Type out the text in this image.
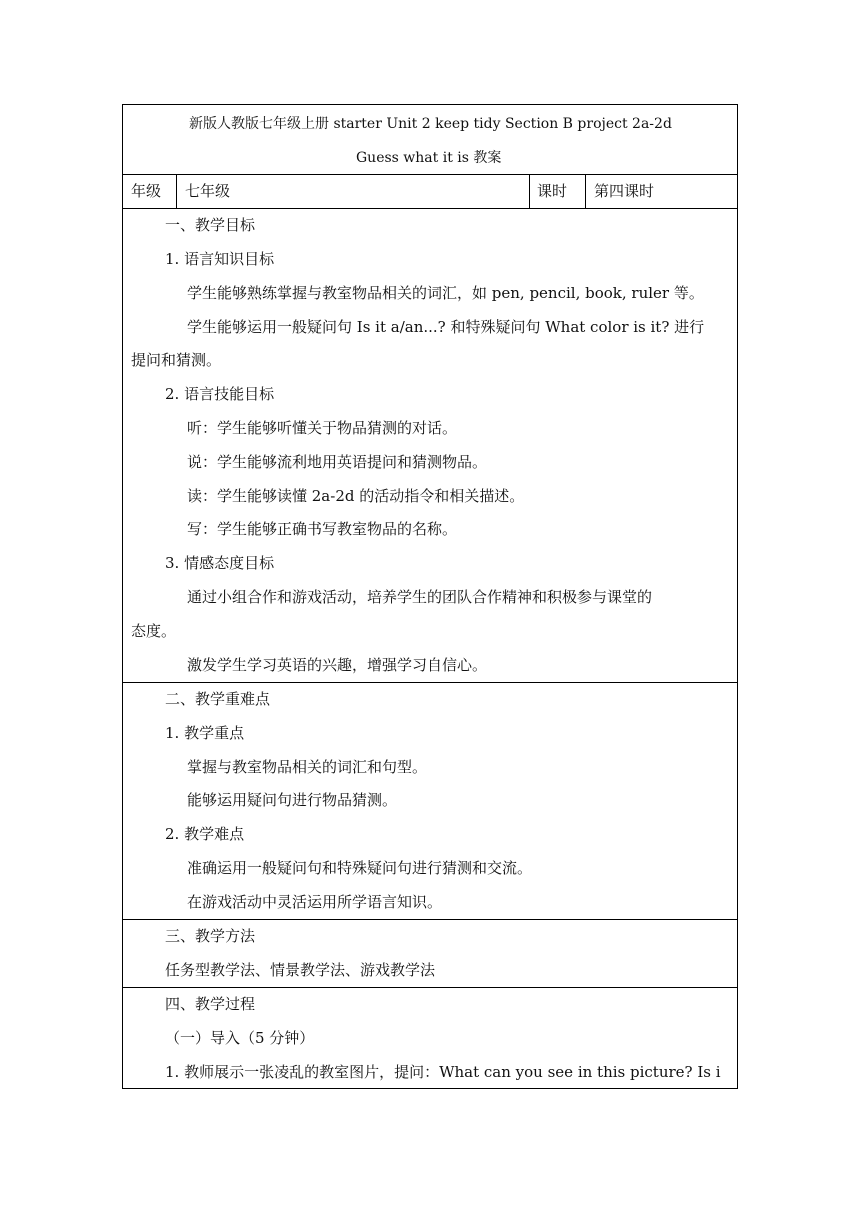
新版人教版七年级上册 starter Unit 2 keep tidy Section B project 2a-2d
Guess what it is 教案
年级 七年级	课时 第四课时
一、教学目标
1. 语言知识目标
学生能够熟练掌握与教室物品相关的词汇，如 pen, pencil, book, ruler 等。
学生能够运用一般疑问句 Is it a/an...? 和特殊疑问句 What color is it? 进行
提问和猜测。
2. 语言技能目标
听：学生能够听懂关于物品猜测的对话。
说：学生能够流利地用英语提问和猜测物品。
读：学生能够读懂 2a-2d 的活动指令和相关描述。
写：学生能够正确书写教室物品的名称。
3. 情感态度目标
通过小组合作和游戏活动，培养学生的团队合作精神和积极参与课堂的
态度。
激发学生学习英语的兴趣，增强学习自信心。
二、教学重难点
1. 教学重点
掌握与教室物品相关的词汇和句型。
能够运用疑问句进行物品猜测。
2. 教学难点
准确运用一般疑问句和特殊疑问句进行猜测和交流。
在游戏活动中灵活运用所学语言知识。
三、教学方法
任务型教学法、情景教学法、游戏教学法
四、教学过程
（一）导入（5 分钟）
1. 教师展示一张凌乱的教室图片，提问：What can you see in this picture? Is i
